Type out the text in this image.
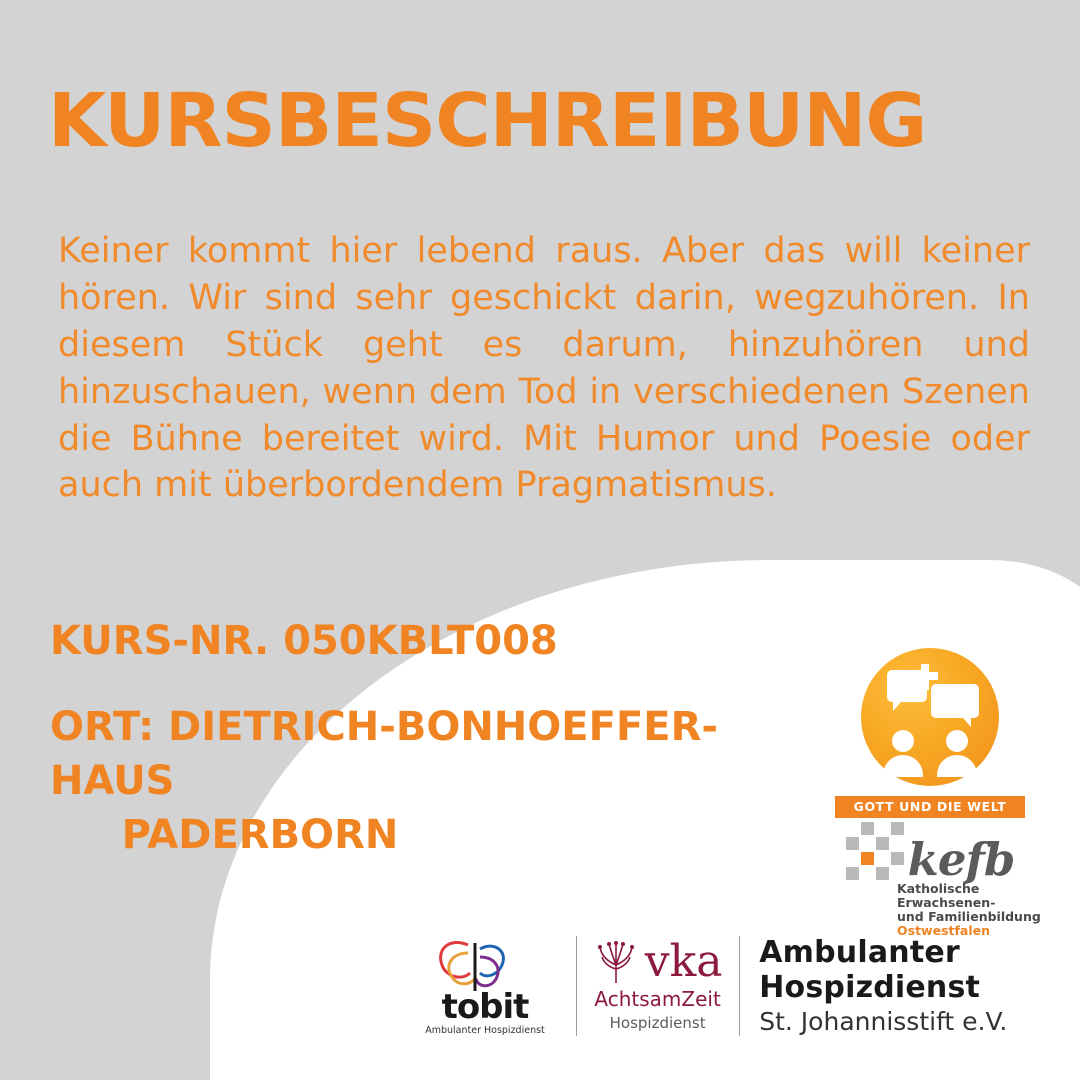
KURSBESCHREIBUNG
Keiner kommt hier lebend raus. Aber das will keiner hören. Wir sind sehr geschickt darin, wegzuhören. In diesem Stück geht es darum, hinzuhören und hinzuschauen, wenn dem Tod in verschiedenen Szenen die Bühne bereitet wird. Mit Humor und Poesie oder auch mit überbordendem Pragmatismus.
KURS-NR. 050KBLT008
ORT: DIETRICH-BONHOEFFER-HAUS
PADERBORN
GOTT UND DIE WELT
kefb
Katholische Erwachsenen-
und Familienbildung
Ostwestfalen
tobit
Ambulanter Hospizdienst
vka
AchtsamZeit
Hospizdienst
Ambulanter Hospizdienst
St. Johannisstift e.V.
